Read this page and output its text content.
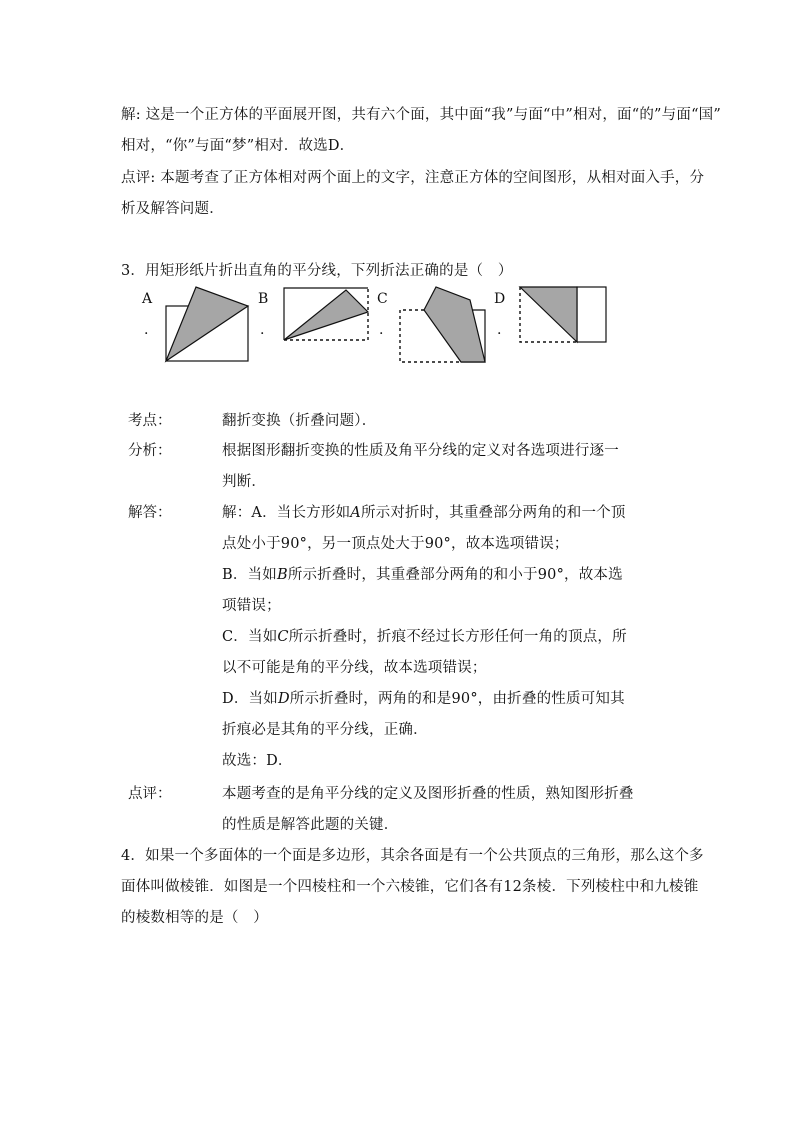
解: 这是一个正方体的平面展开图，共有六个面，其中面“我”与面“中”相对，面“的”与面“国”
相对，“你”与面“梦”相对．故选D．
点评: 本题考查了正方体相对两个面上的文字，注意正方体的空间图形，从相对面入手，分
析及解答问题．
3．用矩形纸片折出直角的平分线，下列折法正确的是（　）
A
.
B
.
C
.
D
.
考点：	翻折变换（折叠问题）．
分析：	根据图形翻折变换的性质及角平分线的定义对各选项进行逐一
判断．
解答：	解：A．当长方形如A所示对折时，其重叠部分两角的和一个顶
点处小于90°，另一顶点处大于90°，故本选项错误；
B．当如B所示折叠时，其重叠部分两角的和小于90°，故本选
项错误；
C．当如C所示折叠时，折痕不经过长方形任何一角的顶点，所
以不可能是角的平分线，故本选项错误；
D．当如D所示折叠时，两角的和是90°，由折叠的性质可知其
折痕必是其角的平分线，正确．
故选：D．
点评：	本题考查的是角平分线的定义及图形折叠的性质，熟知图形折叠
的性质是解答此题的关键．
4．如果一个多面体的一个面是多边形，其余各面是有一个公共顶点的三角形，那么这个多
面体叫做棱锥．如图是一个四棱柱和一个六棱锥，它们各有12条棱．下列棱柱中和九棱锥
的棱数相等的是（　）
